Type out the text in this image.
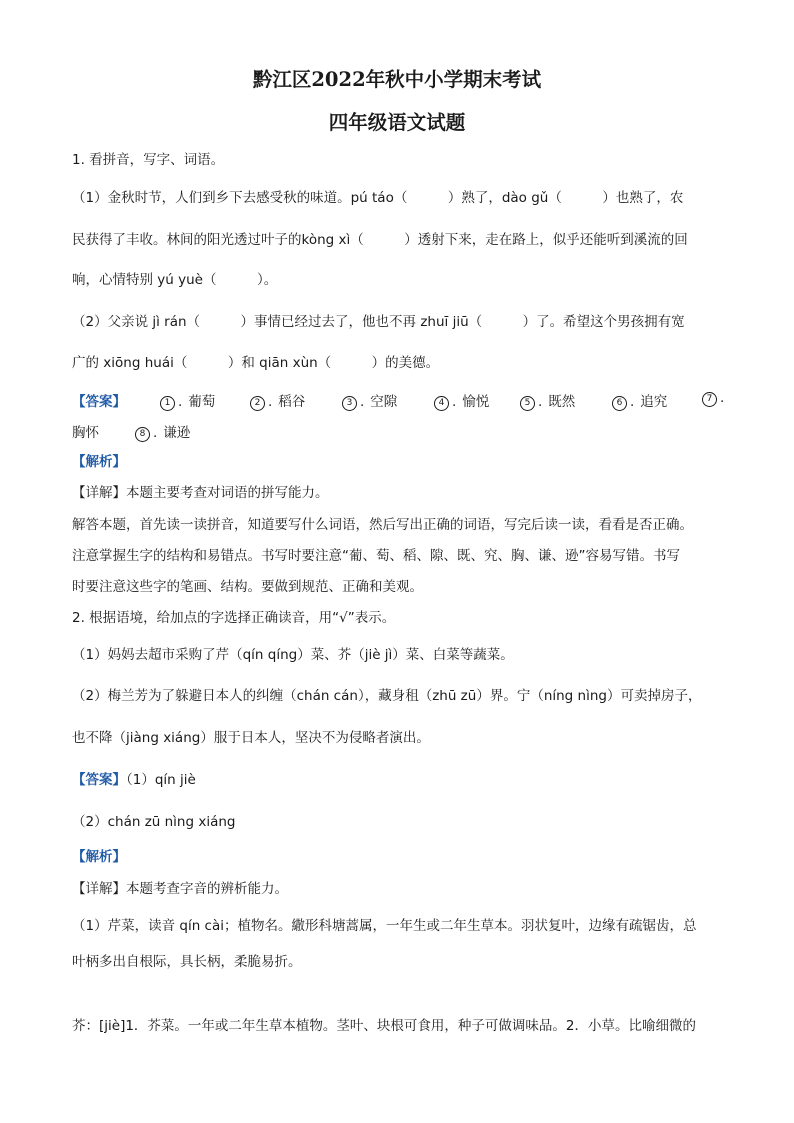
黔江区2022年秋中小学期末考试
四年级语文试题
1. 看拼音，写字、词语。
（1）金秋时节，人们到乡下去感受秋的味道。pú táo（　　　）熟了，dào gǔ（　　　）也熟了，农
民获得了丰收。林间的阳光透过叶子的kòng xì（　　　）透射下来，走在路上，似乎还能听到溪流的回
响，心情特别 yú yuè（　　　）。
（2）父亲说 jì rán（　　　）事情已经过去了，他也不再 zhuī jiū（　　　）了。希望这个男孩拥有宽
广的 xiōng huái（　　　）和 qiān xùn（　　　）的美德。
【答案】	1 . 葡萄	2 . 稻谷	3 . 空隙	4 . 愉悦	5 . 既然	6 . 追究	7 .
胸怀	8 . 谦逊
【解析】
【详解】本题主要考查对词语的拼写能力。
解答本题，首先读一读拼音，知道要写什么词语，然后写出正确的词语，写完后读一读，看看是否正确。
注意掌握生字的结构和易错点。书写时要注意“葡、萄、稻、隙、既、究、胸、谦、逊”容易写错。书写
时要注意这些字的笔画、结构。要做到规范、正确和美观。
2. 根据语境，给加点的字选择正确读音，用“√”表示。
（1）妈妈去超市采购了芹（qín qíng）菜、芥（jiè jì）菜、白菜等蔬菜。
（2）梅兰芳为了躲避日本人的纠缠（chán cán），藏身租（zhū zū）界。宁（níng nìng）可卖掉房子，
也不降（jiàng xiáng）服于日本人，坚决不为侵略者演出。
【答案】（1）qín jiè
（2）chán zū nìng xiáng
【解析】
【详解】本题考查字音的辨析能力。
（1）芹菜，读音 qín cài；植物名。繖形科塘蒿属，一年生或二年生草本。羽状复叶，边缘有疏锯齿，总
叶柄多出自根际，具长柄，柔脆易折。
芥：[jiè]1．芥菜。一年或二年生草本植物。茎叶、块根可食用，种子可做调味品。2．小草。比喻细微的
